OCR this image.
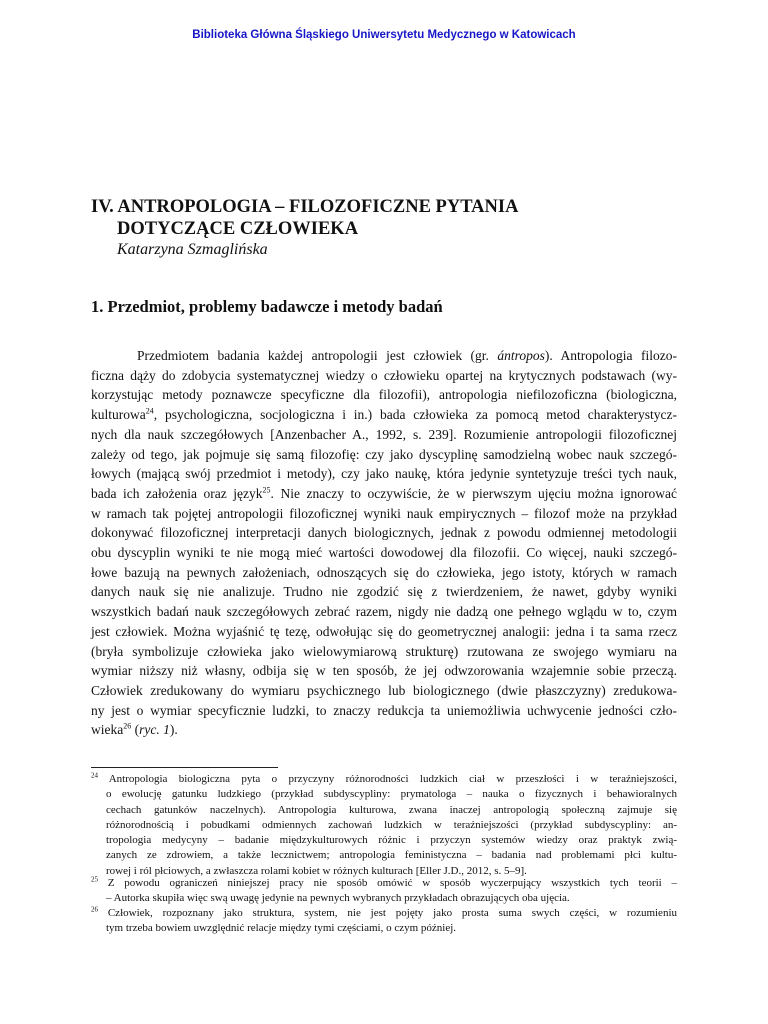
Biblioteka Główna Śląskiego Uniwersytetu Medycznego w Katowicach
IV. ANTROPOLOGIA – FILOZOFICZNE PYTANIA
DOTYCZĄCE CZŁOWIEKA
Katarzyna Szmaglińska
1. Przedmiot, problemy badawcze i metody badań
Przedmiotem badania każdej antropologii jest człowiek (gr. ántropos). Antropologia filozo-
ficzna dąży do zdobycia systematycznej wiedzy o człowieku opartej na krytycznych podstawach (wy-
korzystując metody poznawcze specyficzne dla filozofii), antropologia niefilozoficzna (biologiczna,
kulturowa$^{24}$, psychologiczna, socjologiczna i in.) bada człowieka za pomocą metod charakterystycz-
nych dla nauk szczegółowych [Anzenbacher A., 1992, s. 239]. Rozumienie antropologii filozoficznej
zależy od tego, jak pojmuje się samą filozofię: czy jako dyscyplinę samodzielną wobec nauk szczegó-
łowych (mającą swój przedmiot i metody), czy jako naukę, która jedynie syntetyzuje treści tych nauk,
bada ich założenia oraz język$^{25}$. Nie znaczy to oczywiście, że w pierwszym ujęciu można ignorować
w ramach tak pojętej antropologii filozoficznej wyniki nauk empirycznych – filozof może na przykład
dokonywać filozoficznej interpretacji danych biologicznych, jednak z powodu odmiennej metodologii
obu dyscyplin wyniki te nie mogą mieć wartości dowodowej dla filozofii. Co więcej, nauki szczegó-
łowe bazują na pewnych założeniach, odnoszących się do człowieka, jego istoty, których w ramach
danych nauk się nie analizuje. Trudno nie zgodzić się z twierdzeniem, że nawet, gdyby wyniki
wszystkich badań nauk szczegółowych zebrać razem, nigdy nie dadzą one pełnego wglądu w to, czym
jest człowiek. Można wyjaśnić tę tezę, odwołując się do geometrycznej analogii: jedna i ta sama rzecz
(bryła symbolizuje człowieka jako wielowymiarową strukturę) rzutowana ze swojego wymiaru na
wymiar niższy niż własny, odbija się w ten sposób, że jej odwzorowania wzajemnie sobie przeczą.
Człowiek zredukowany do wymiaru psychicznego lub biologicznego (dwie płaszczyzny) zredukowa-
ny jest o wymiar specyficznie ludzki, to znaczy redukcja ta uniemożliwia uchwycenie jedności czło-
wieka$^{26}$ (ryc. 1).
$^{24}$ Antropologia biologiczna pyta o przyczyny różnorodności ludzkich ciał w przeszłości i w teraźniejszości,
o ewolucję gatunku ludzkiego (przykład subdyscypliny: prymatologa – nauka o fizycznych i behawioralnych
cechach gatunków naczelnych). Antropologia kulturowa, zwana inaczej antropologią społeczną zajmuje się
różnorodnością i pobudkami odmiennych zachowań ludzkich w teraźniejszości (przykład subdyscypliny: an-
tropologia medycyny – badanie międzykulturowych różnic i przyczyn systemów wiedzy oraz praktyk zwią-
zanych ze zdrowiem, a także lecznictwem; antropologia feministyczna – badania nad problemami płci kultu-
rowej i ról płciowych, a zwłaszcza rolami kobiet w różnych kulturach [Eller J.D., 2012, s. 5–9].
$^{25}$ Z powodu ograniczeń niniejszej pracy nie sposób omówić w sposób wyczerpujący wszystkich tych teorii –
– Autorka skupiła więc swą uwagę jedynie na pewnych wybranych przykładach obrazujących oba ujęcia.
$^{26}$ Człowiek, rozpoznany jako struktura, system, nie jest pojęty jako prosta suma swych części, w rozumieniu
tym trzeba bowiem uwzględnić relacje między tymi częściami, o czym później.
